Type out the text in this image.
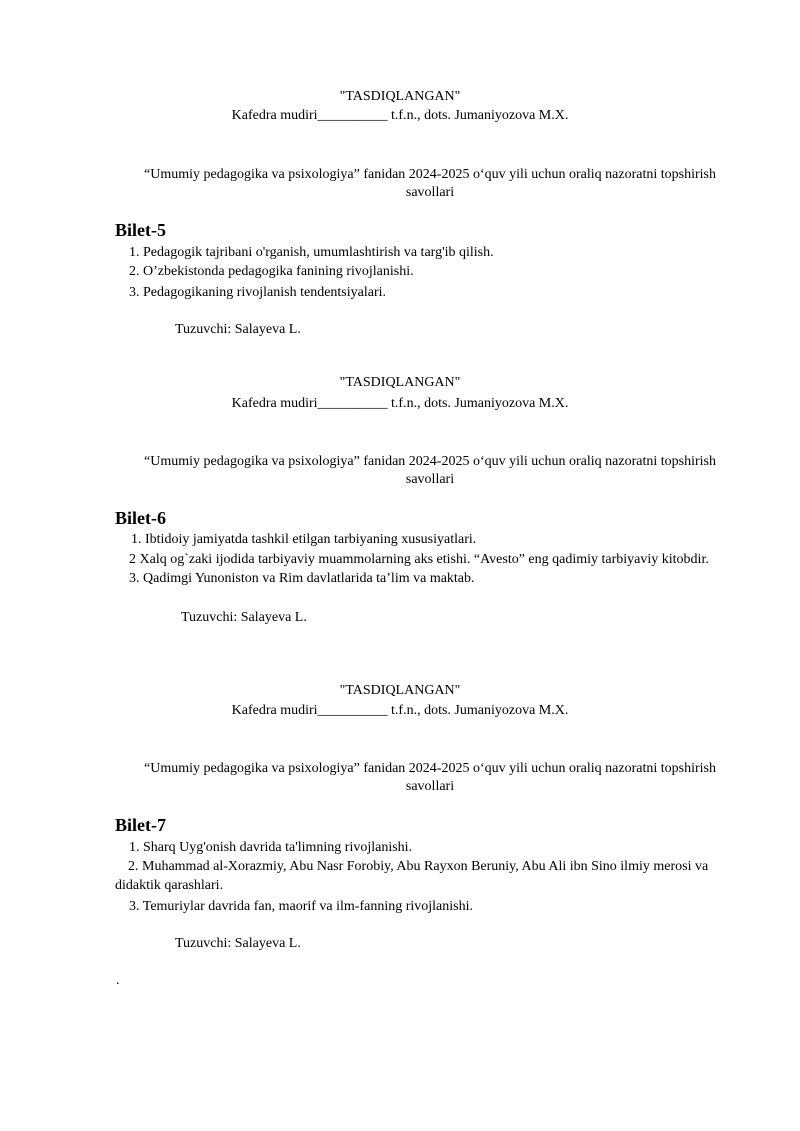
"TASDIQLANGAN"
Kafedra mudiri__________ t.f.n., dots. Jumaniyozova M.X.
“Umumiy pedagogika va psixologiya” fanidan 2024-2025 oʻquv yili uchun oraliq nazoratni topshirish savollari
Bilet-5
1. Pedagogik tajribani o'rganish, umumlashtirish va targ'ib qilish.
2. O’zbekistonda pedagogika fanining rivojlanishi.
3. Pedagogikaning rivojlanish tendentsiyalari.
Tuzuvchi: Salayeva L.
"TASDIQLANGAN"
Kafedra mudiri__________ t.f.n., dots. Jumaniyozova M.X.
“Umumiy pedagogika va psixologiya” fanidan 2024-2025 oʻquv yili uchun oraliq nazoratni topshirish savollari
Bilet-6
1. Ibtidoiy jamiyatda tashkil etilgan tarbiyaning xususiyatlari.
2 Xalq og`zaki ijodida tarbiyaviy muammolarning aks etishi. “Avesto” eng qadimiy tarbiyaviy kitobdir.
3. Qadimgi Yunoniston va Rim davlatlarida ta’lim va maktab.
Tuzuvchi: Salayeva L.
"TASDIQLANGAN"
Kafedra mudiri__________ t.f.n., dots. Jumaniyozova M.X.
“Umumiy pedagogika va psixologiya” fanidan 2024-2025 oʻquv yili uchun oraliq nazoratni topshirish savollari
Bilet-7
1. Sharq Uyg'onish davrida ta'limning rivojlanishi.
2. Muhammad al-Xorazmiy, Abu Nasr Forobiy, Abu Rayxon Beruniy, Abu Ali ibn Sino ilmiy merosi va didaktik qarashlari.
3. Temuriylar davrida fan, maorif va ilm-fanning rivojlanishi.
Tuzuvchi: Salayeva L.
.
